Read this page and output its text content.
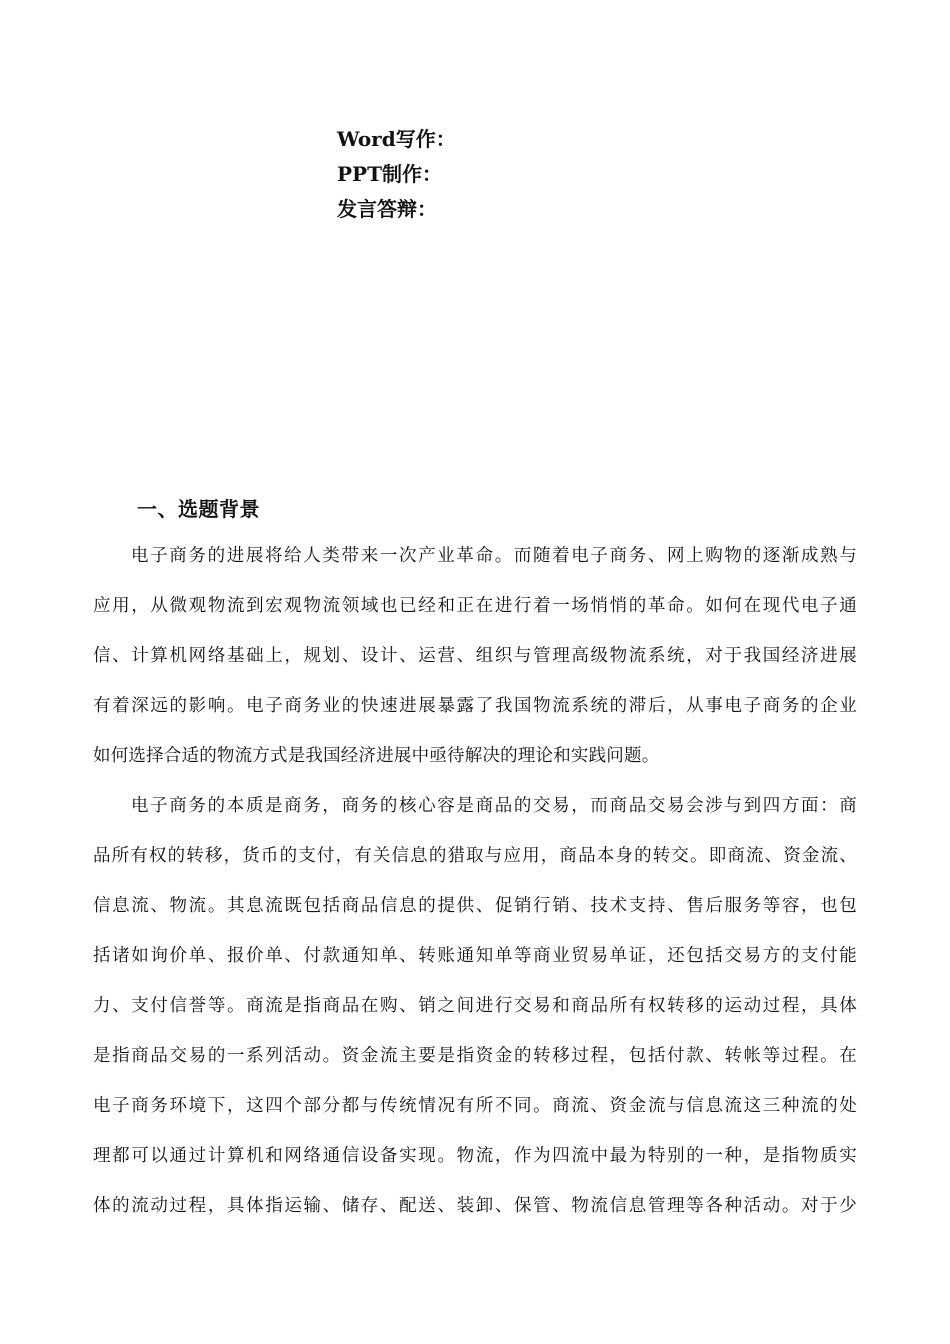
Word写作：
PPT制作：
发言答辩：
一、选题背景
电子商务的进展将给人类带来一次产业革命。而随着电子商务、网上购物的逐渐成熟与
应用，从微观物流到宏观物流领域也已经和正在进行着一场悄悄的革命。如何在现代电子通
信、计算机网络基础上，规划、设计、运营、组织与管理高级物流系统，对于我国经济进展
有着深远的影响。电子商务业的快速进展暴露了我国物流系统的滞后，从事电子商务的企业
如何选择合适的物流方式是我国经济进展中亟待解决的理论和实践问题。
电子商务的本质是商务，商务的核心容是商品的交易，而商品交易会涉与到四方面：商
品所有权的转移，货币的支付，有关信息的猎取与应用，商品本身的转交。即商流、资金流、
信息流、物流。其息流既包括商品信息的提供、促销行销、技术支持、售后服务等容，也包
括诸如询价单、报价单、付款通知单、转账通知单等商业贸易单证，还包括交易方的支付能
力、支付信誉等。商流是指商品在购、销之间进行交易和商品所有权转移的运动过程，具体
是指商品交易的一系列活动。资金流主要是指资金的转移过程，包括付款、转帐等过程。在
电子商务环境下，这四个部分都与传统情况有所不同。商流、资金流与信息流这三种流的处
理都可以通过计算机和网络通信设备实现。物流，作为四流中最为特别的一种，是指物质实
体的流动过程，具体指运输、储存、配送、装卸、保管、物流信息管理等各种活动。对于少
